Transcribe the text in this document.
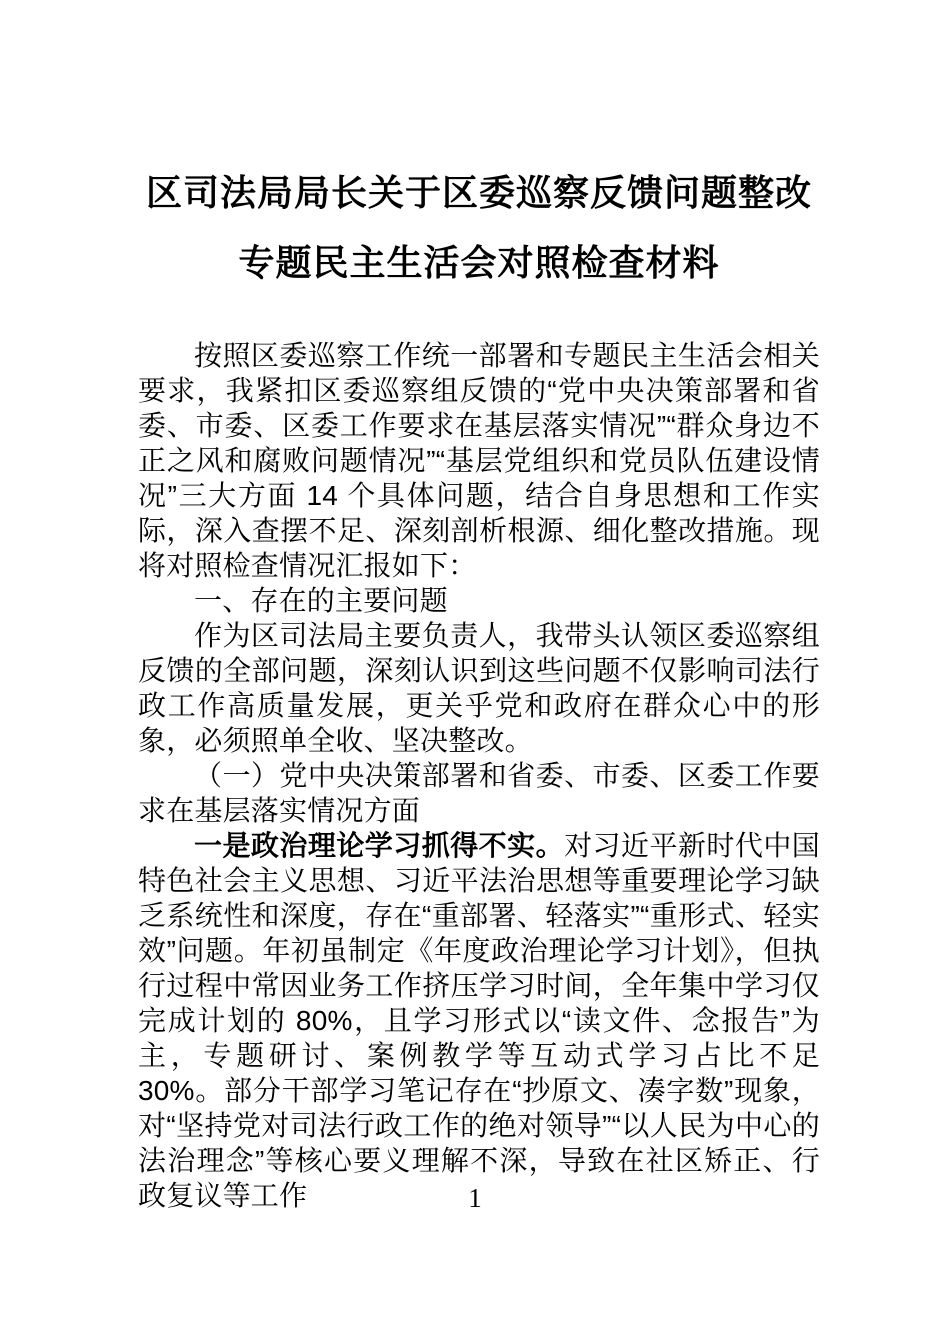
区司法局局长关于区委巡察反馈问题整改
专题民主生活会对照检查材料

按照区委巡察工作统一部署和专题民主生活会相关要求，我紧扣区委巡察组反馈的“党中央决策部署和省委、市委、区委工作要求在基层落实情况”“群众身边不正之风和腐败问题情况”“基层党组织和党员队伍建设情况”三大方面 14 个具体问题，结合自身思想和工作实际，深入查摆不足、深刻剖析根源、细化整改措施。现将对照检查情况汇报如下：

一、存在的主要问题

作为区司法局主要负责人，我带头认领区委巡察组反馈的全部问题，深刻认识到这些问题不仅影响司法行政工作高质量发展，更关乎党和政府在群众心中的形象，必须照单全收、坚决整改。

（一）党中央决策部署和省委、市委、区委工作要求在基层落实情况方面

一是政治理论学习抓得不实。对习近平新时代中国特色社会主义思想、习近平法治思想等重要理论学习缺乏系统性和深度，存在“重部署、轻落实”“重形式、轻实效”问题。年初虽制定《年度政治理论学习计划》，但执行过程中常因业务工作挤压学习时间，全年集中学习仅完成计划的 80%，且学习形式以“读文件、念报告”为主，专题研讨、案例教学等互动式学习占比不足 30%。部分干部学习笔记存在“抄原文、凑字数”现象，对“坚持党对司法行政工作的绝对领导”“以人民为中心的法治理念”等核心要义理解不深，导致在社区矫正、行政复议等工作	1
